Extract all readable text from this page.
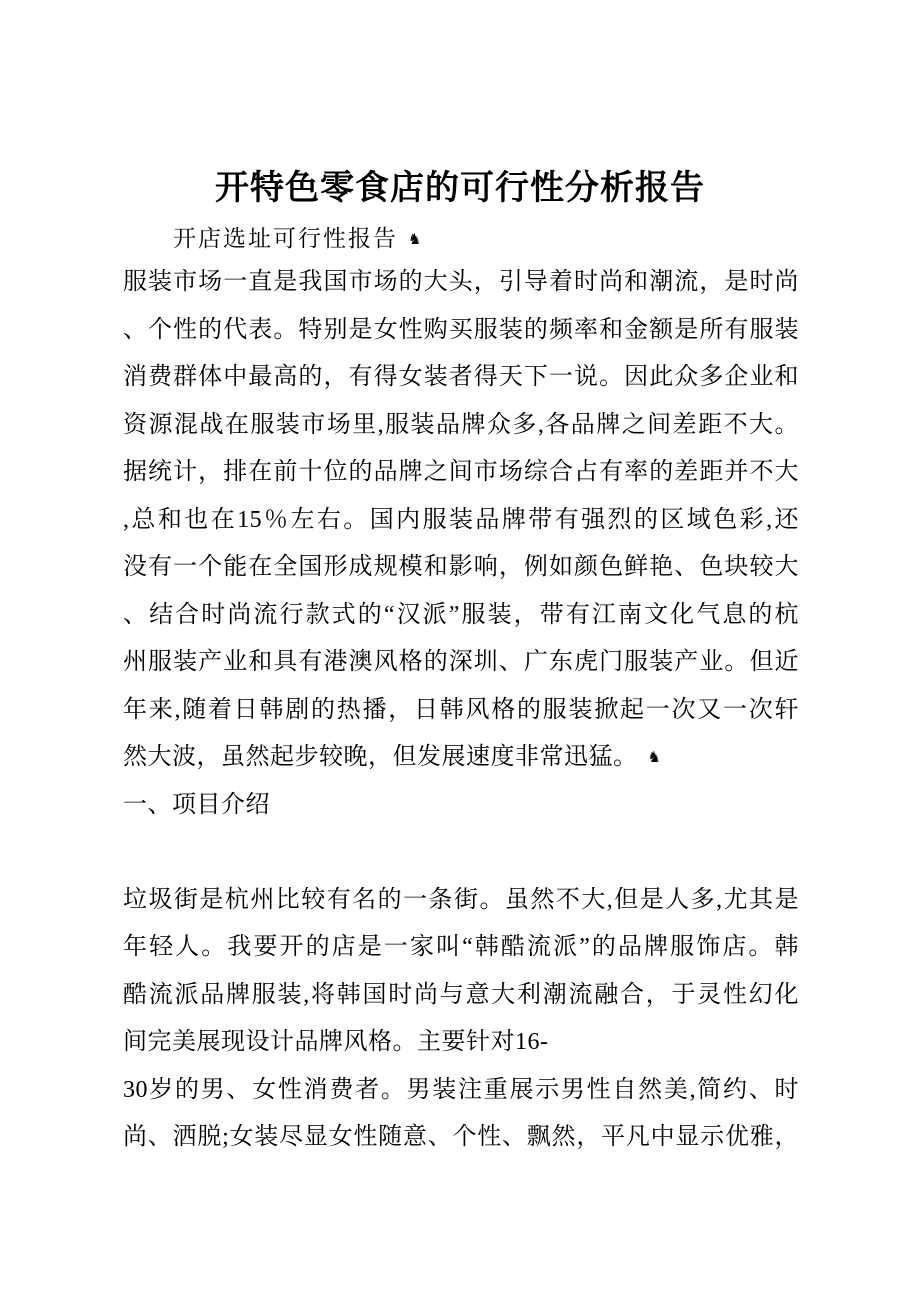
开特色零食店的可行性分析报告
开店选址可行性报告 ♞
服装市场一直是我国市场的大头，引导着时尚和潮流，是时尚
、个性的代表。特别是女性购买服装的频率和金额是所有服装
消费群体中最高的，有得女装者得天下一说。因此众多企业和
资源混战在服装市场里,服装品牌众多,各品牌之间差距不大。
据统计，排在前十位的品牌之间市场综合占有率的差距并不大
,总和也在15％左右。国内服装品牌带有强烈的区域色彩,还
没有一个能在全国形成规模和影响，例如颜色鲜艳、色块较大
、结合时尚流行款式的“汉派”服装，带有江南文化气息的杭
州服装产业和具有港澳风格的深圳、广东虎门服装产业。但近
年来,随着日韩剧的热播，日韩风格的服装掀起一次又一次轩
然大波，虽然起步较晚，但发展速度非常迅猛。 ♞
一、项目介绍
垃圾街是杭州比较有名的一条街。虽然不大,但是人多,尤其是
年轻人。我要开的店是一家叫“韩酷流派”的品牌服饰店。韩
酷流派品牌服装,将韩国时尚与意大利潮流融合，于灵性幻化
间完美展现设计品牌风格。主要针对16-
30岁的男、女性消费者。男装注重展示男性自然美,简约、时
尚、洒脱;女装尽显女性随意、个性、飘然，平凡中显示优雅，
